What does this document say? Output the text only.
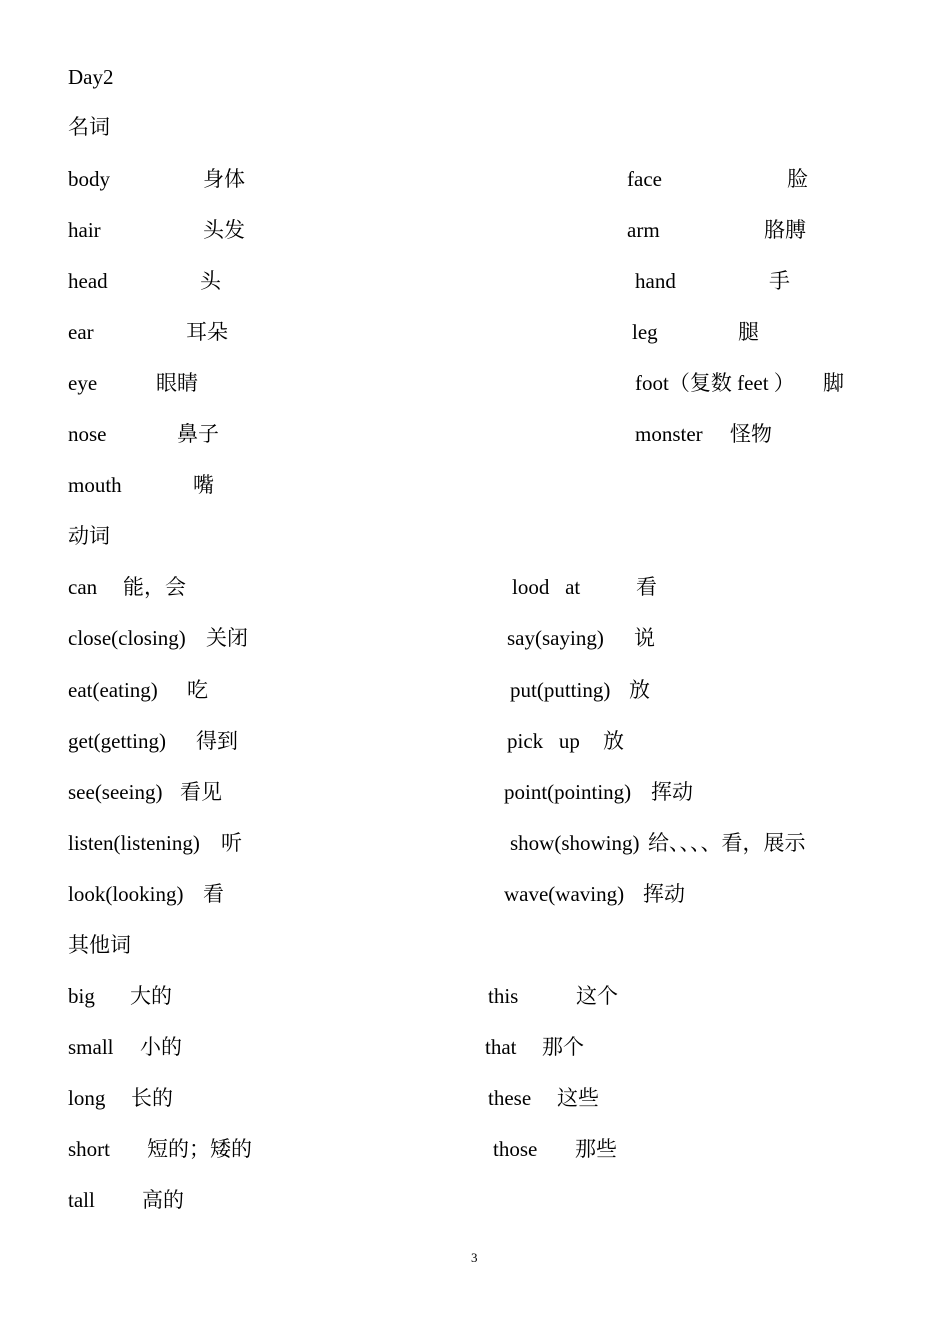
Day2
名词
body	身体	face	脸
hair	头发	arm	胳膊
head	头	hand	手
ear	耳朵	leg	腿
eye	眼睛	foot（复数 feet ） 脚
nose	鼻子	monster 怪物
mouth	嘴
动词
can 能，会	lood   at	看
close(closing) 关闭	say(saying) 说
eat(eating) 吃	put(putting) 放
get(getting) 得到	pick   up 放
see(seeing) 看见	point(pointing) 挥动
listen(listening) 听	show(showing) 给、、、、看，展示
look(looking) 看	wave(waving) 挥动
其他词
big 大的	this	这个
small 小的	that 那个
long 长的	these 这些
short 短的；矮的	those 那些
tall 高的
3
